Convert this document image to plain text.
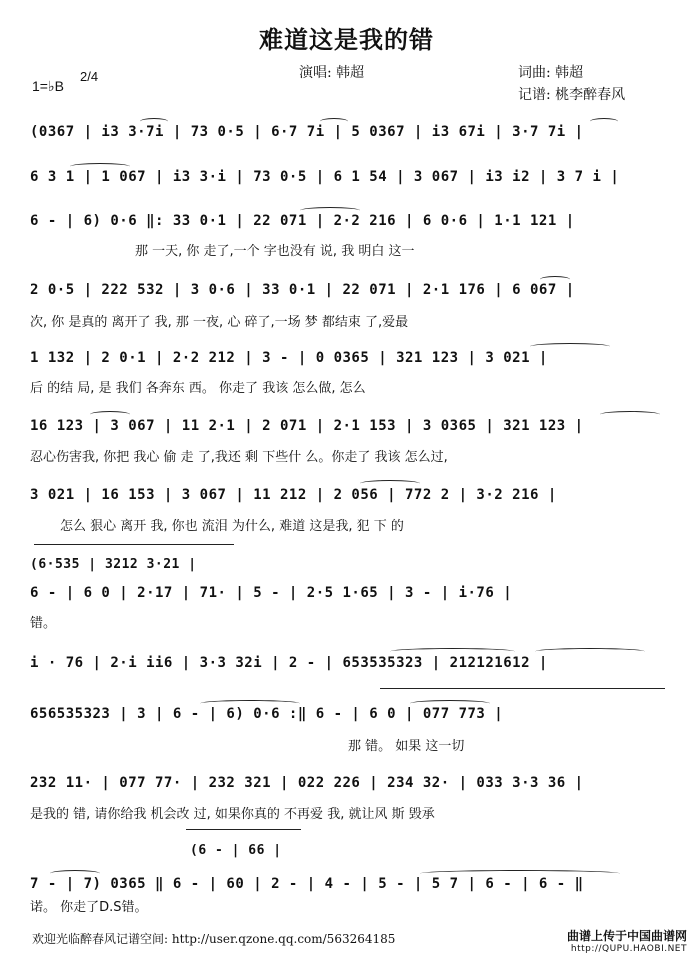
难道这是我的错
演唱: 韩超	词曲: 韩超
记谱: 桃李醉春风
1=♭B
2/4
(0367 | i3 3·7i | 73 0·5 | 6·7 7i | 5 0367 | i3 67i | 3·7 7i |
6 3 1 | 1 067 | i3 3·i | 73 0·5 | 6 1 54 | 3 067 | i3 i2 | 3 7 i |
6 - | 6) 0·6 ‖: 33 0·1 | 22 071 | 2·2 216 | 6 0·6 | 1·1 121 |
那 一天, 你 走了,一个 字也没有 说, 我 明白 这一
2 0·5 | 222 532 | 3 0·6 | 33 0·1 | 22 071 | 2·1 176 | 6 067 |
次, 你 是真的 离开了 我, 那 一夜, 心 碎了,一场 梦 都结束 了,爱最
1 132 | 2 0·1 | 2·2 212 | 3 - | 0 0365 | 321 123 | 3 021 |
后 的结 局, 是 我们 各奔东 西。 你走了 我该 怎么做, 怎么
16 123 | 3 067 | 11 2·1 | 2 071 | 2·1 153 | 3 0365 | 321 123 |
忍心伤害我, 你把 我心 偷 走 了,我还 剩 下些什 么。你走了 我该 怎么过,
3 021 | 16 153 | 3 067 | 11 212 | 2 056 | 772 2 | 3·2 216 |
怎么 狠心 离开 我, 你也 流泪 为什么, 难道 这是我, 犯 下 的
(6·535 | 3212 3·21 |
6 - | 6 0 | 2·17 | 71· | 5 - | 2·5 1·65 | 3 - | i·76 |
错。
i · 76 | 2·i ii6 | 3·3 32i | 2 - | 653535323 | 212121612 |
656535323 | 3 | 6 - | 6) 0·6 :‖ 6 - | 6 0 | 077 773 |
那 错。 如果 这一切
232 11· | 077 77· | 232 321 | 022 226 | 234 32· | 033 3·3 36 |
是我的 错, 请你给我 机会改 过, 如果你真的 不再爱 我, 就让风 斯 毁承
(6 - | 66 |
7 - | 7) 0365 ‖ 6 - | 60 | 2 - | 4 - | 5 - | 5 7 | 6 - | 6 - ‖
诺。 你走了D.S错。
欢迎光临醉春风记谱空间: http://user.qzone.qq.com/563264185	曲谱上传于中国曲谱网
http://QUPU.HAOBI.NET
